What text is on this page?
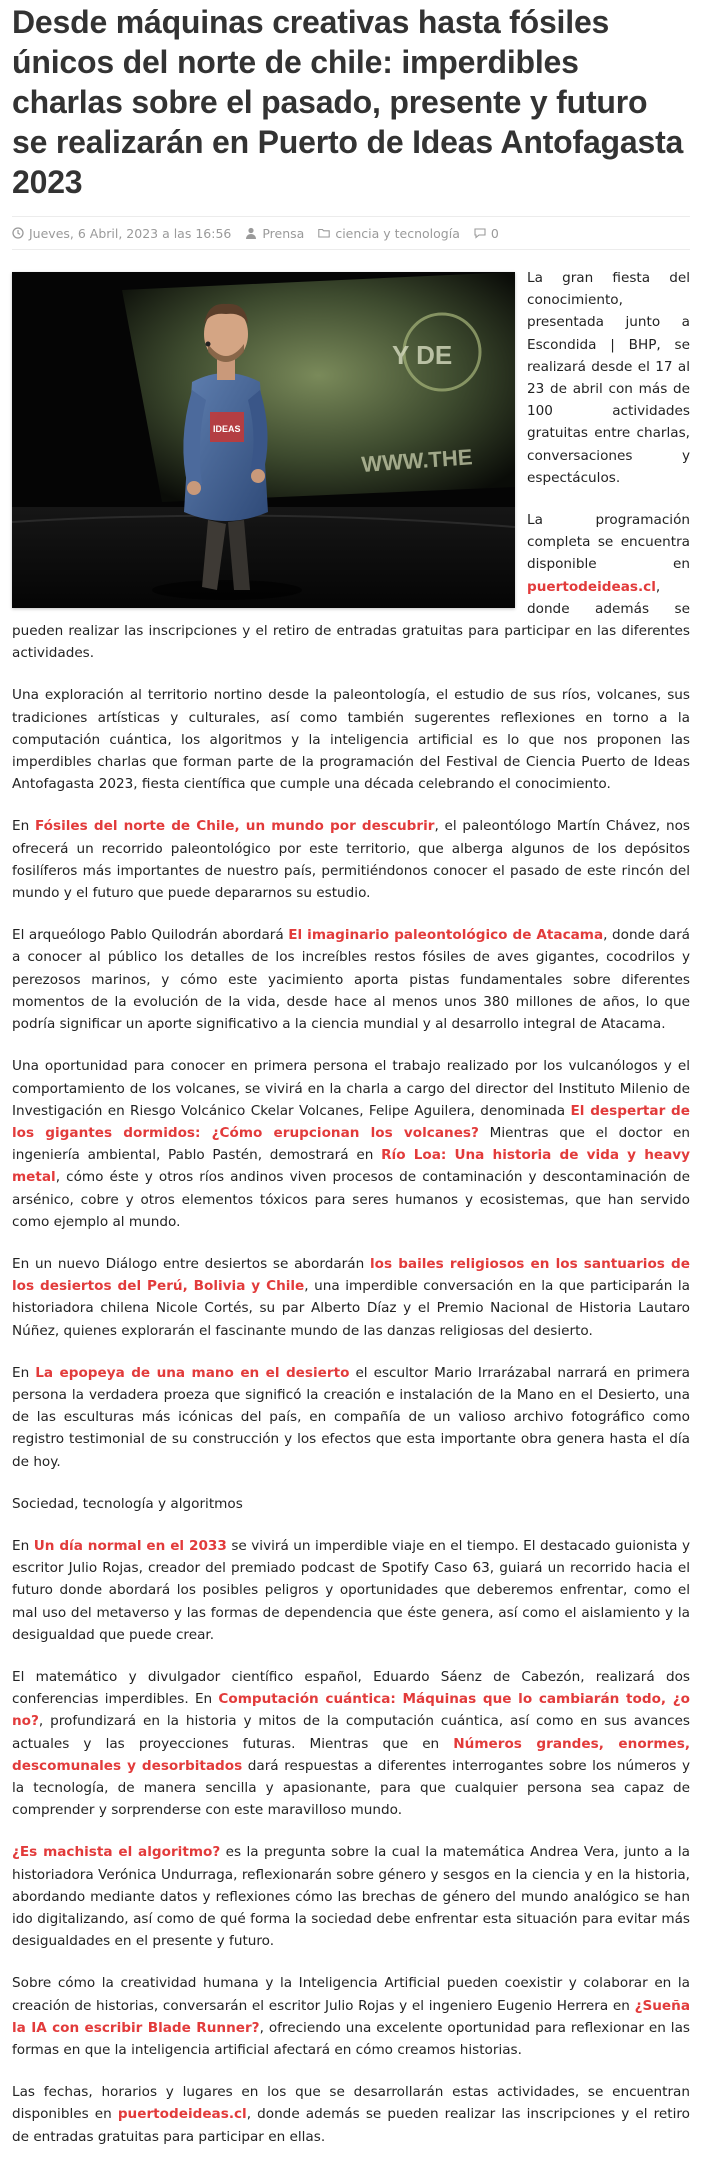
Desde máquinas creativas hasta fósiles únicos del norte de chile: imperdibles charlas sobre el pasado, presente y futuro se realizarán en Puerto de Ideas Antofagasta 2023
Jueves, 6 Abril, 2023 a las 16:56 Prensa ciencia y tecnología 0
Y DE
WWW.THE
IDEAS

La gran fiesta del conocimiento, presentada junto a Escondida | BHP, se realizará desde el 17 al 23 de abril con más de 100 actividades gratuitas entre charlas, conversaciones y espectáculos.

La programación completa se encuentra disponible en puertodeideas.cl, donde además se pueden realizar las inscripciones y el retiro de entradas gratuitas para participar en las diferentes actividades.

Una exploración al territorio nortino desde la paleontología, el estudio de sus ríos, volcanes, sus tradiciones artísticas y culturales, así como también sugerentes reflexiones en torno a la computación cuántica, los algoritmos y la inteligencia artificial es lo que nos proponen las imperdibles charlas que forman parte de la programación del Festival de Ciencia Puerto de Ideas Antofagasta 2023, fiesta científica que cumple una década celebrando el conocimiento.

En Fósiles del norte de Chile, un mundo por descubrir, el paleontólogo Martín Chávez, nos ofrecerá un recorrido paleontológico por este territorio, que alberga algunos de los depósitos fosilíferos más importantes de nuestro país, permitiéndonos conocer el pasado de este rincón del mundo y el futuro que puede depararnos su estudio.

El arqueólogo Pablo Quilodrán abordará El imaginario paleontológico de Atacama, donde dará a conocer al público los detalles de los increíbles restos fósiles de aves gigantes, cocodrilos y perezosos marinos, y cómo este yacimiento aporta pistas fundamentales sobre diferentes momentos de la evolución de la vida, desde hace al menos unos 380 millones de años, lo que podría significar un aporte significativo a la ciencia mundial y al desarrollo integral de Atacama.

Una oportunidad para conocer en primera persona el trabajo realizado por los vulcanólogos y el comportamiento de los volcanes, se vivirá en la charla a cargo del director del Instituto Milenio de Investigación en Riesgo Volcánico Ckelar Volcanes, Felipe Aguilera, denominada El despertar de los gigantes dormidos: ¿Cómo erupcionan los volcanes? Mientras que el doctor en ingeniería ambiental, Pablo Pastén, demostrará en Río Loa: Una historia de vida y heavy metal, cómo éste y otros ríos andinos viven procesos de contaminación y descontaminación de arsénico, cobre y otros elementos tóxicos para seres humanos y ecosistemas, que han servido como ejemplo al mundo.

En un nuevo Diálogo entre desiertos se abordarán los bailes religiosos en los santuarios de los desiertos del Perú, Bolivia y Chile, una imperdible conversación en la que participarán la historiadora chilena Nicole Cortés, su par Alberto Díaz y el Premio Nacional de Historia Lautaro Núñez, quienes explorarán el fascinante mundo de las danzas religiosas del desierto.

En La epopeya de una mano en el desierto el escultor Mario Irrarázabal narrará en primera persona la verdadera proeza que significó la creación e instalación de la Mano en el Desierto, una de las esculturas más icónicas del país, en compañía de un valioso archivo fotográfico como registro testimonial de su construcción y los efectos que esta importante obra genera hasta el día de hoy.

Sociedad, tecnología y algoritmos

En Un día normal en el 2033 se vivirá un imperdible viaje en el tiempo. El destacado guionista y escritor Julio Rojas, creador del premiado podcast de Spotify Caso 63, guiará un recorrido hacia el futuro donde abordará los posibles peligros y oportunidades que deberemos enfrentar, como el mal uso del metaverso y las formas de dependencia que éste genera, así como el aislamiento y la desigualdad que puede crear.

El matemático y divulgador científico español, Eduardo Sáenz de Cabezón, realizará dos conferencias imperdibles. En Computación cuántica: Máquinas que lo cambiarán todo, ¿o no?, profundizará en la historia y mitos de la computación cuántica, así como en sus avances actuales y las proyecciones futuras. Mientras que en Números grandes, enormes, descomunales y desorbitados dará respuestas a diferentes interrogantes sobre los números y la tecnología, de manera sencilla y apasionante, para que cualquier persona sea capaz de comprender y sorprenderse con este maravilloso mundo.

¿Es machista el algoritmo? es la pregunta sobre la cual la matemática Andrea Vera, junto a la historiadora Verónica Undurraga, reflexionarán sobre género y sesgos en la ciencia y en la historia, abordando mediante datos y reflexiones cómo las brechas de género del mundo analógico se han ido digitalizando, así como de qué forma la sociedad debe enfrentar esta situación para evitar más desigualdades en el presente y futuro.

Sobre cómo la creatividad humana y la Inteligencia Artificial pueden coexistir y colaborar en la creación de historias, conversarán el escritor Julio Rojas y el ingeniero Eugenio Herrera en ¿Sueña la IA con escribir Blade Runner?, ofreciendo una excelente oportunidad para reflexionar en las formas en que la inteligencia artificial afectará en cómo creamos historias.

Las fechas, horarios y lugares en los que se desarrollarán estas actividades, se encuentran disponibles en puertodeideas.cl, donde además se pueden realizar las inscripciones y el retiro de entradas gratuitas para participar en ellas.
